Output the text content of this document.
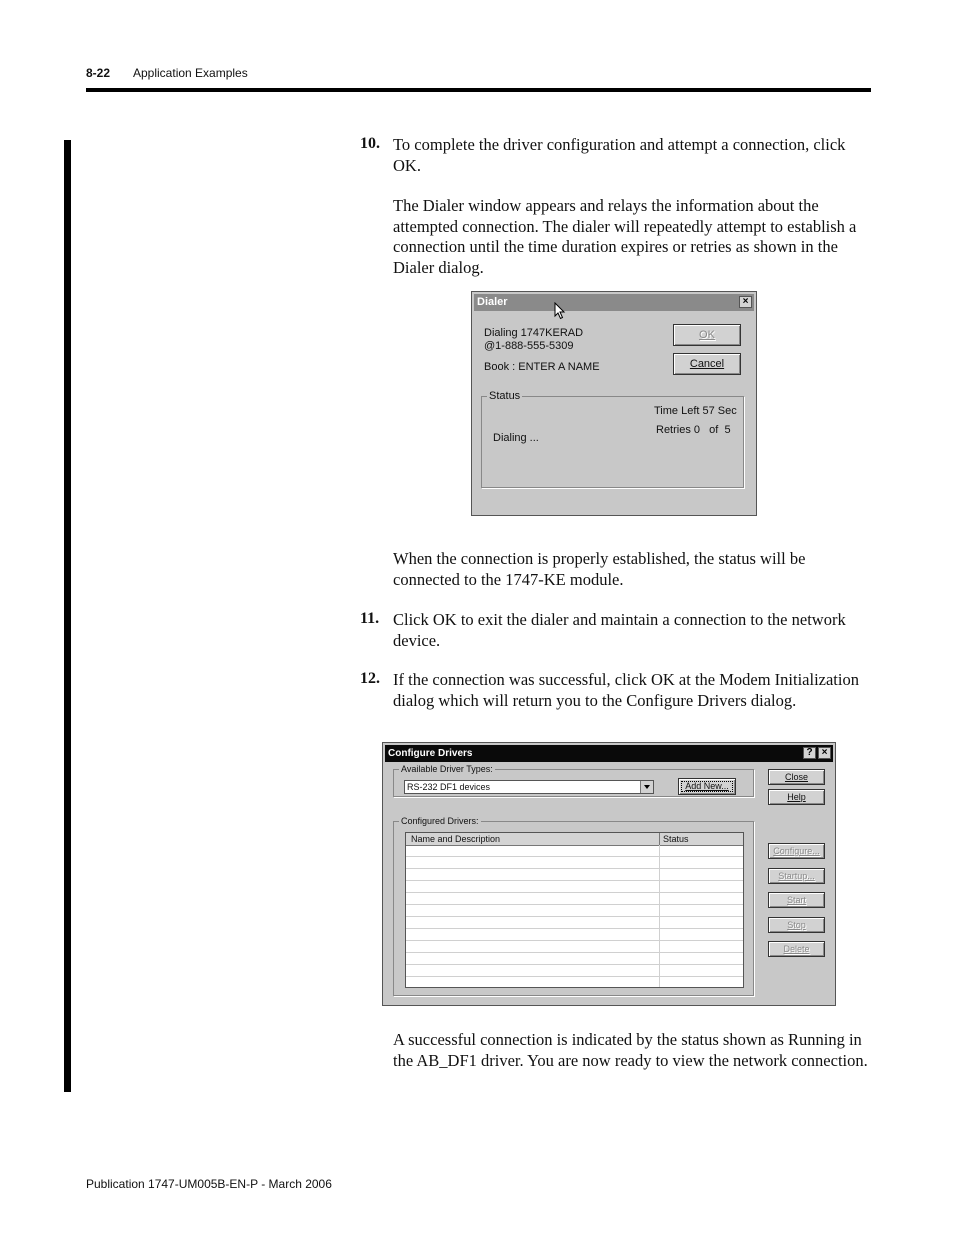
8-22 Application Examples
10. To complete the driver configuration and attempt a connection, click OK.

The Dialer window appears and relays the information about the attempted connection. The dialer will repeatedly attempt to establish a connection until the time duration expires or retries as shown in the Dialer dialog.

Dialer	×
Dialing 1747KERAD
@1-888-555-5309
Book : ENTER A NAME
OK
Cancel
Status
Time Left 57 Sec
Retries 0   of  5
Dialing ...

When the connection is properly established, the status will be connected to the 1747-KE module.

11. Click OK to exit the dialer and maintain a connection to the network device.

12. If the connection was successful, click OK at the Modem Initialization dialog which will return you to the Configure Drivers dialog.

Configure Drivers	? ×
Available Driver Types:
RS-232 DF1 devices	Add New...
Configured Drivers:
Name and Description	Status
Close
Help
Configure...
Startup...
Start
Stop
Delete

A successful connection is indicated by the status shown as Running in the AB_DF1 driver. You are now ready to view the network connection.

Publication 1747-UM005B-EN-P - March 2006
